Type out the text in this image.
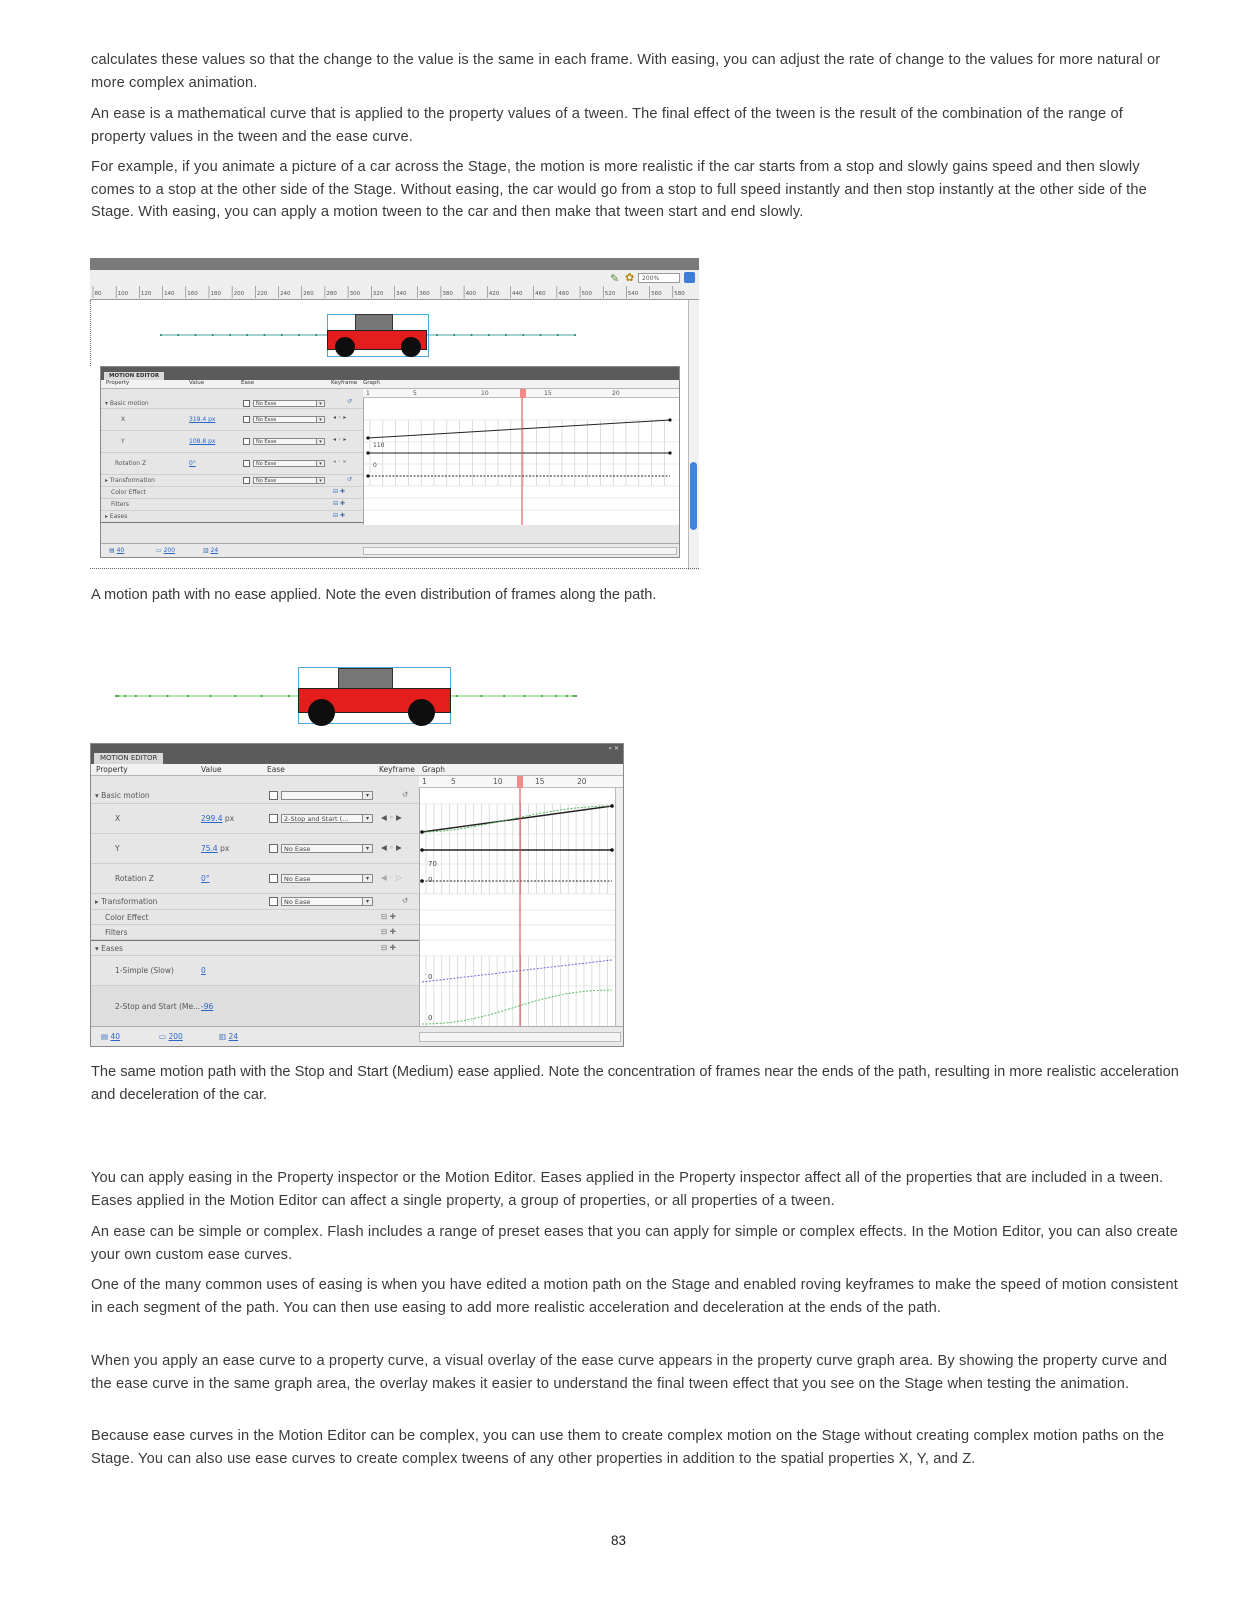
calculates these values so that the change to the value is the same in each frame. With easing, you can adjust the rate of change to the values for more natural or more complex animation.

An ease is a mathematical curve that is applied to the property values of a tween. The final effect of the tween is the result of the combination of the range of property values in the tween and the ease curve.

For example, if you animate a picture of a car across the Stage, the motion is more realistic if the car starts from a stop and slowly gains speed and then slowly comes to a stop at the other side of the Stage. Without easing, the car would go from a stop to full speed instantly and then stop instantly at the other side of the Stage. With easing, you can apply a motion tween to the car and then make that tween start and end slowly.

✎ ✿	200%
80	100 120 140 160 180 200 220 240 260 280 300 320 340 360 380 400 420 440 460 480 500 520 540 560 580
MOTION EDITOR
Property	Value	Ease	Keyframe Graph
1	5	10	15	20
▾ Basic motion	No Ease	▾	↺
X	319.4 px	No Ease	▾	◂ ◦ ▸
Y	108.8 px	No Ease	▾	◂ ◦ ▸
Rotation Z	0°	No Ease	▾	◂ ◦ ▸
▸ Transformation	No Ease	▾	↺
Color Effect	⊟ ✚
Filters	⊟ ✚
▸ Eases	⊟ ✚
110
0
▤ 40	▭ 200	▥ 24

A motion path with no ease applied. Note the even distribution of frames along the path.

« ✕
MOTION EDITOR
Property	Value	Ease	Keyframe Graph
1	5	10	15	20
▾ Basic motion	▾	↺
X	299.4 px	2-Stop and Start (...	▾	◀ ◦ ▶
Y	75.4 px	No Ease	▾	◀ ◦ ▶
Rotation Z	0°	No Ease	▾	◀ ◦ ▷
▸ Transformation	No Ease	▾	↺
Color Effect	⊟ ✚
Filters	⊟ ✚
▾ Eases	⊟ ✚
1-Simple (Slow)	0
2-Stop and Start (Me... -96
70
0
0
0
▤ 40	▭ 200	▥ 24

The same motion path with the Stop and Start (Medium) ease applied. Note the concentration of frames near the ends of the path, resulting in more realistic acceleration and deceleration of the car.

You can apply easing in the Property inspector or the Motion Editor. Eases applied in the Property inspector affect all of the properties that are included in a tween. Eases applied in the Motion Editor can affect a single property, a group of properties, or all properties of a tween.

An ease can be simple or complex. Flash includes a range of preset eases that you can apply for simple or complex effects. In the Motion Editor, you can also create your own custom ease curves.

One of the many common uses of easing is when you have edited a motion path on the Stage and enabled roving keyframes to make the speed of motion consistent in each segment of the path. You can then use easing to add more realistic acceleration and deceleration at the ends of the path.

When you apply an ease curve to a property curve, a visual overlay of the ease curve appears in the property curve graph area. By showing the property curve and the ease curve in the same graph area, the overlay makes it easier to understand the final tween effect that you see on the Stage when testing the animation.

Because ease curves in the Motion Editor can be complex, you can use them to create complex motion on the Stage without creating complex motion paths on the Stage. You can also use ease curves to create complex tweens of any other properties in addition to the spatial properties X, Y, and Z.

83
